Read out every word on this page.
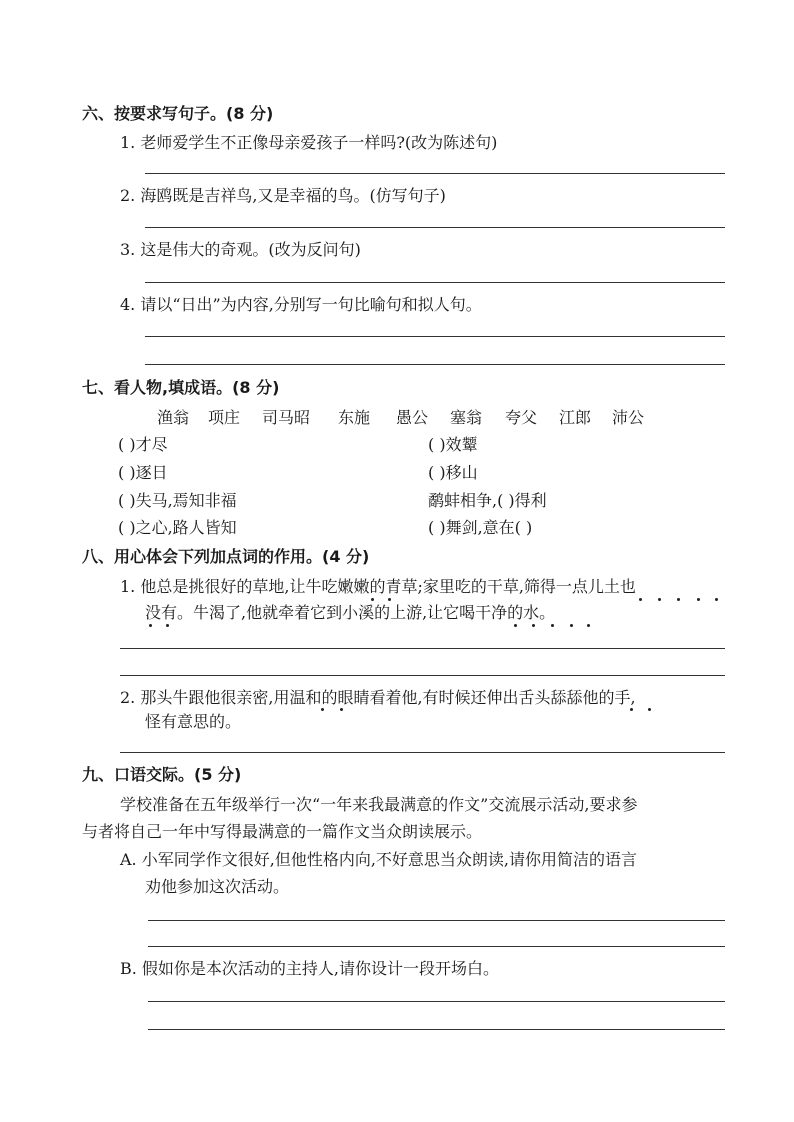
六、按要求写句子。(8 分)
1. 老师爱学生不正像母亲爱孩子一样吗?(改为陈述句)
2. 海鸥既是吉祥鸟,又是幸福的鸟。(仿写句子)
3. 这是伟大的奇观。(改为反问句)
4. 请以“日出”为内容,分别写一句比喻句和拟人句。
七、看人物,填成语。(8 分)
渔翁 项庄 司马昭 东施 愚公 塞翁 夸父 江郎 沛公
( )才尽
( )逐日
( )失马,焉知非福
( )之心,路人皆知
( )效颦
( )移山
鹬蚌相争,( )得利
( )舞剑,意在( )
八、用心体会下列加点词的作用。(4 分)
1. 他总是挑很好的草地,让牛吃嫩嫩的青草;家里吃的干草,筛得一点儿土也
没有。牛渴了,他就牵着它到小溪的上游,让它喝干净的水。
2. 那头牛跟他很亲密,用温和的眼睛看着他,有时候还伸出舌头舔舔他的手,
怪有意思的。
九、口语交际。(5 分)
学校准备在五年级举行一次“一年来我最满意的作文”交流展示活动,要求参
与者将自己一年中写得最满意的一篇作文当众朗读展示。
A. 小军同学作文很好,但他性格内向,不好意思当众朗读,请你用简洁的语言
劝他参加这次活动。
B. 假如你是本次活动的主持人,请你设计一段开场白。
